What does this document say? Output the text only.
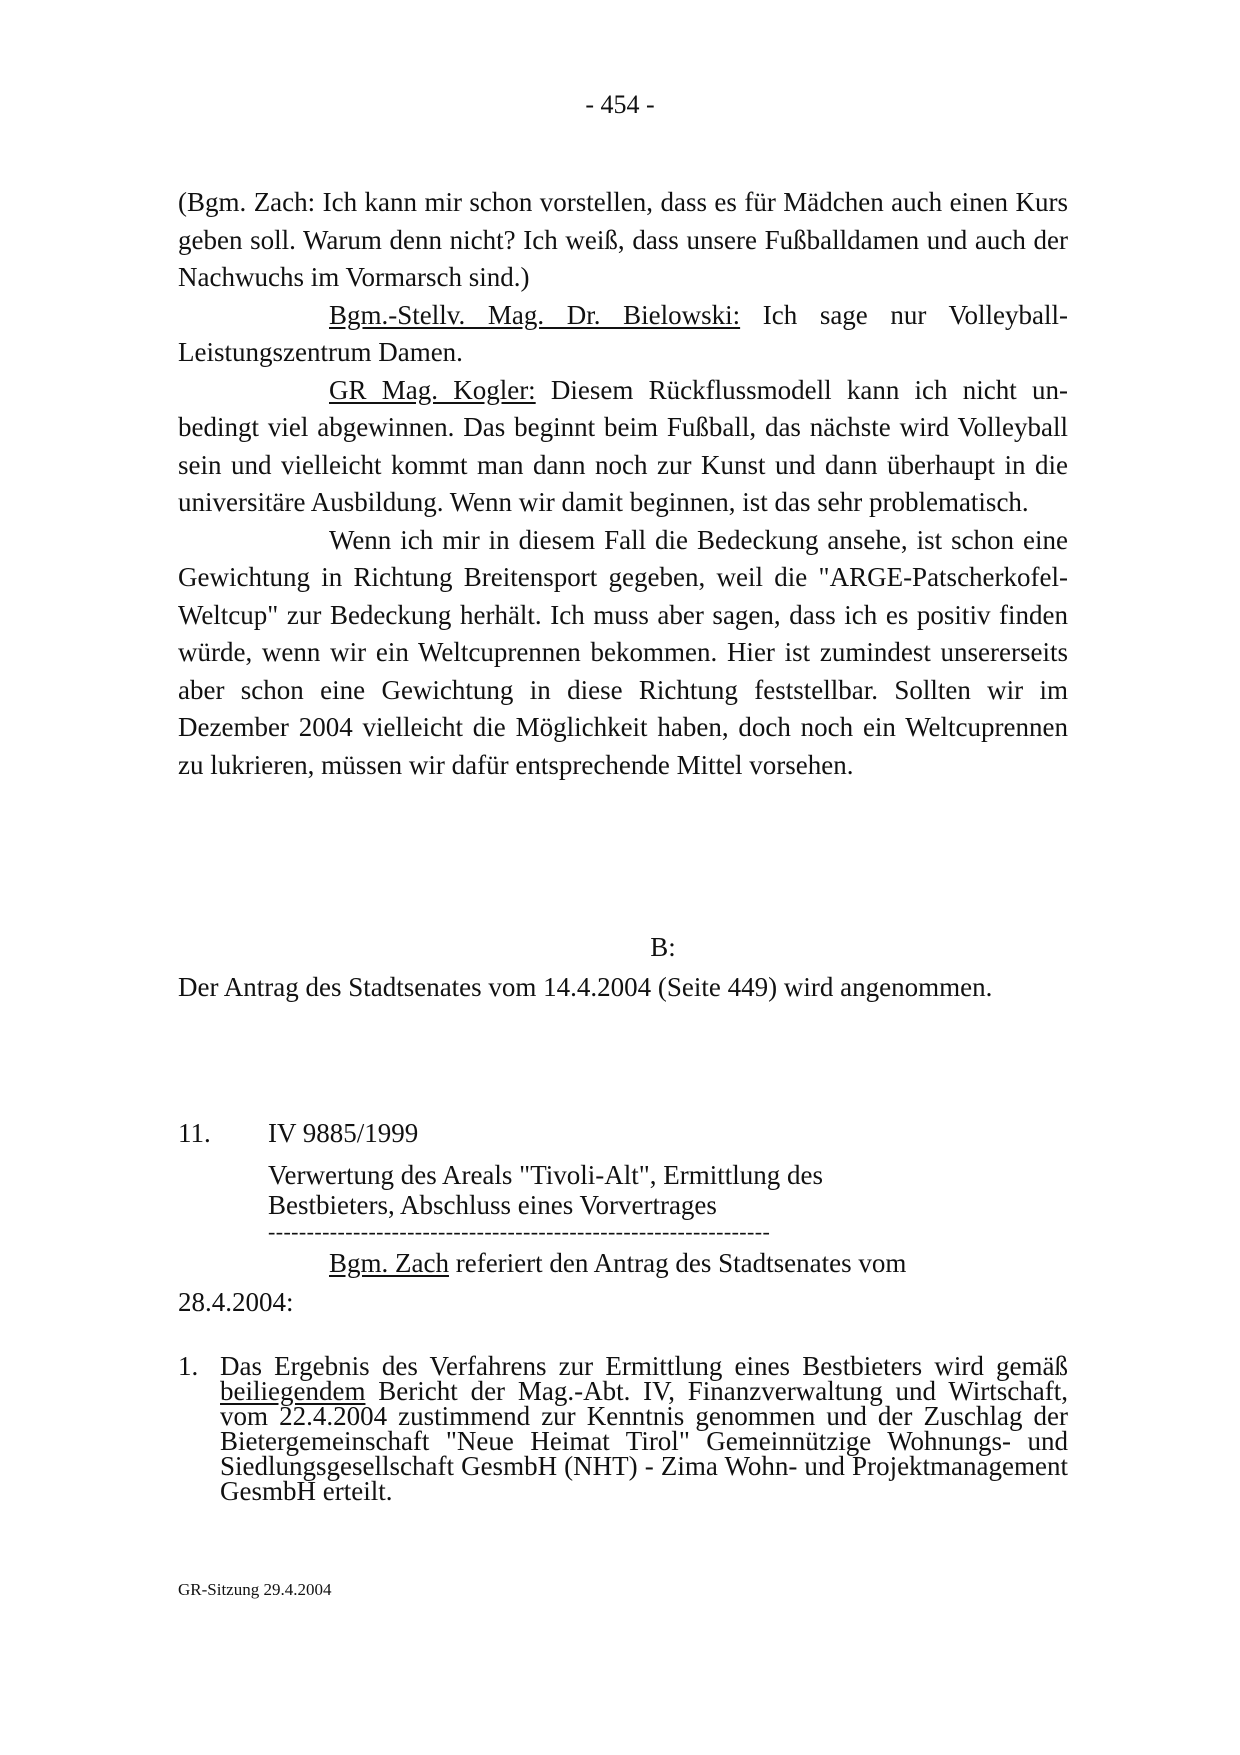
- 454 -

(Bgm. Zach: Ich kann mir schon vorstellen, dass es für Mädchen auch einen Kurs geben soll. Warum denn nicht? Ich weiß, dass unsere Fußballdamen und auch der Nachwuchs im Vormarsch sind.)

Bgm.-Stellv. Mag. Dr. Bielowski: Ich sage nur Volleyball-Leistungszentrum Damen.

GR Mag. Kogler: Diesem Rückflussmodell kann ich nicht unbedingt viel abgewinnen. Das beginnt beim Fußball, das nächste wird Volleyball sein und vielleicht kommt man dann noch zur Kunst und dann überhaupt in die universitäre Ausbildung. Wenn wir damit beginnen, ist das sehr problematisch.

Wenn ich mir in diesem Fall die Bedeckung ansehe, ist schon eine Gewichtung in Richtung Breitensport gegeben, weil die "ARGE-Patscherkofel-Weltcup" zur Bedeckung herhält. Ich muss aber sagen, dass ich es positiv finden würde, wenn wir ein Weltcuprennen bekommen. Hier ist zumindest unsererseits aber schon eine Gewichtung in diese Richtung feststellbar. Sollten wir im Dezember 2004 vielleicht die Möglichkeit haben, doch noch ein Weltcuprennen zu lukrieren, müssen wir dafür entsprechende Mittel vorsehen.

B:
Der Antrag des Stadtsenates vom 14.4.2004 (Seite 449) wird angenommen.
11. IV 9885/1999
Verwertung des Areals "Tivoli-Alt", Ermittlung des
Bestbieters, Abschluss eines Vorvertrages
-----------------------------------------------------------------
Bgm. Zach referiert den Antrag des Stadtsenates vom
28.4.2004:
1. Das Ergebnis des Verfahrens zur Ermittlung eines Bestbieters wird gemäß beiliegendem Bericht der Mag.-Abt. IV, Finanzverwaltung und Wirtschaft, vom 22.4.2004 zustimmend zur Kenntnis genommen und der Zuschlag der Bietergemeinschaft "Neue Heimat Tirol" Gemeinnützige Wohnungs- und Siedlungsgesellschaft GesmbH (NHT) - Zima Wohn- und Projektmanagement GesmbH erteilt.
GR-Sitzung 29.4.2004
